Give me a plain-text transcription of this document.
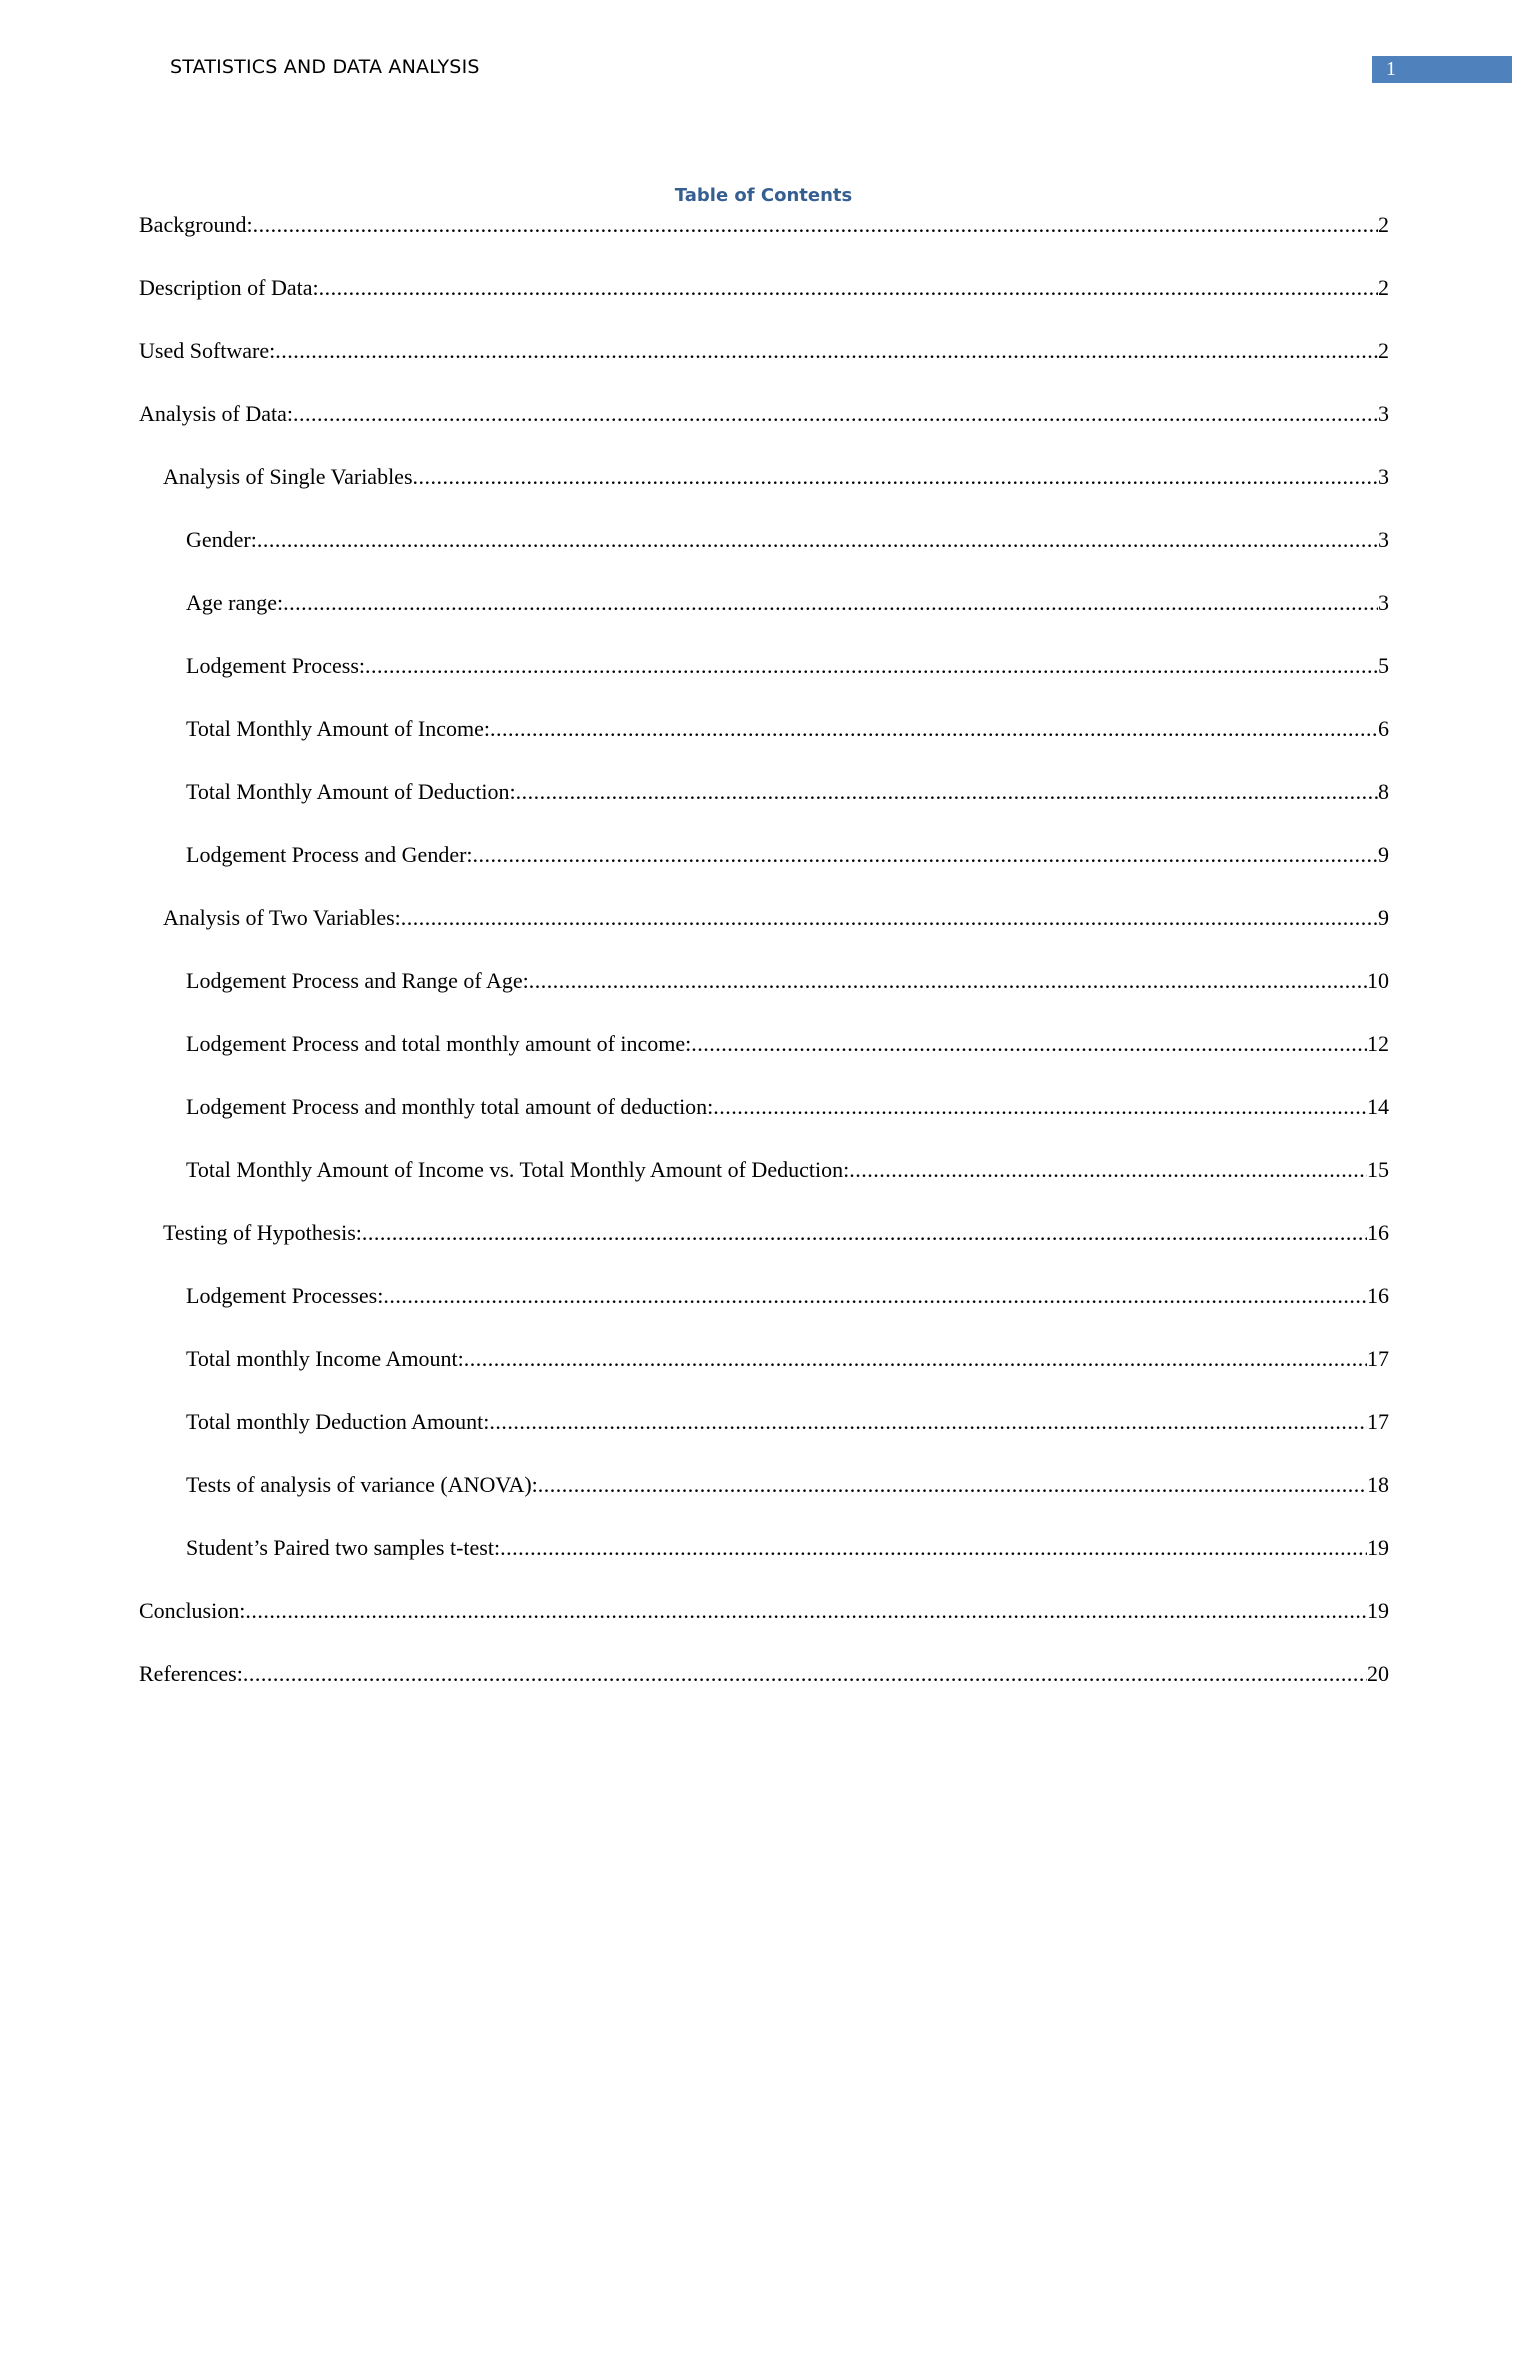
STATISTICS AND DATA ANALYSIS	1
Table of Contents
Background: .....	2
Description of Data: .....	2
Used Software: .....	2
Analysis of Data: .....	3
Analysis of Single Variables .....	3
Gender: .....	3
Age range: .....	3
Lodgement Process: .....	5
Total Monthly Amount of Income: .....	6
Total Monthly Amount of Deduction: .....	8
Lodgement Process and Gender: .....	9
Analysis of Two Variables: .....	9
Lodgement Process and Range of Age: .....	10
Lodgement Process and total monthly amount of income: .....	12
Lodgement Process and monthly total amount of deduction: .....	14
Total Monthly Amount of Income vs. Total Monthly Amount of Deduction: .....	15
Testing of Hypothesis: .....	16
Lodgement Processes: .....	16
Total monthly Income Amount: .....	17
Total monthly Deduction Amount: .....	17
Tests of analysis of variance (ANOVA): .....	18
Student’s Paired two samples t-test: .....	19
Conclusion: .....	19
References: .....	20
